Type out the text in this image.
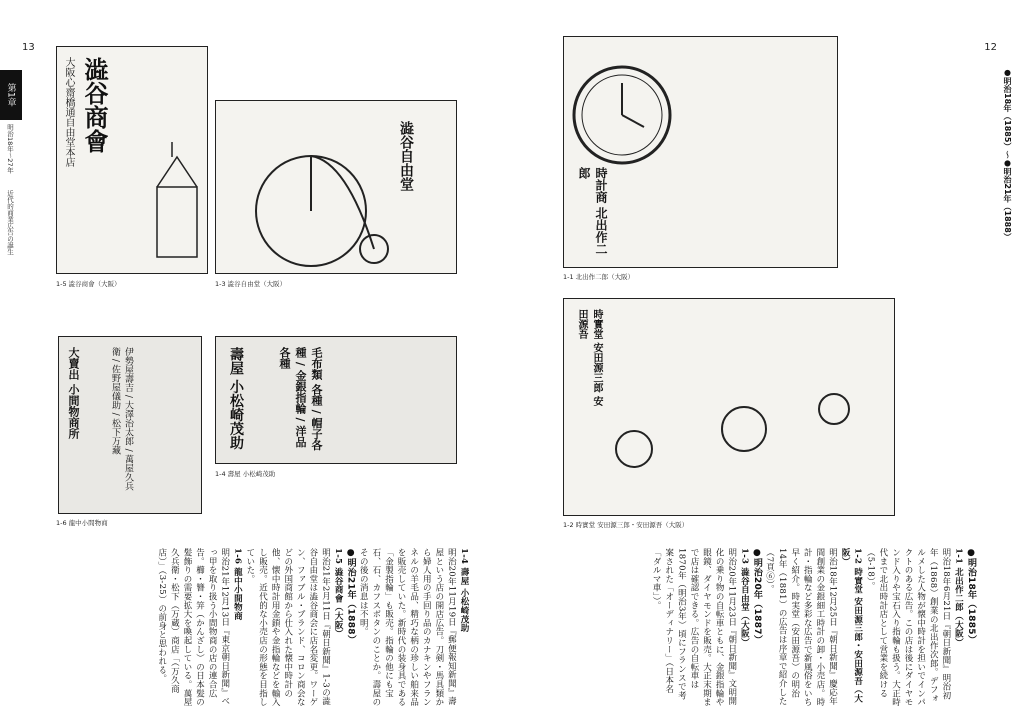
13	12
第1章
明治18年〜27年
近代的商業広告の誕生	●明治18年（1885）〜●明治21年（1888）
澁谷商會
大阪心齋橋通自由堂本店
1-5 澁谷商會（大阪）
澁谷自由堂
1-3 澁谷自由堂（大阪）
大賣出 小間物商所	伊勢屋壽吉 / 大澤治太郎 / 萬屋久兵衛 / 佐野屋儀助 / 松下万藏
1-6 龍中小間物商
壽屋 小松崎茂助	毛布類 各種 / 帽子各種 / 金銀指輪 / 洋品各種
1-4 壽屋 小松崎茂助
時計商 北出作二郎
1-1 北出作二郎（大阪）
時實堂 安田源三郎 安田源吾
1-2 時實堂 安田源三郎・安田源吾（大阪）

●明治18年（1885）

1-1 北出作二郎（大阪）

明治18年6月21日『朝日新聞』明治初年（1868）創業の北出作次郎。デフォルメした人物が懐中時計を担いでインパクトのある広告。この店は後にダイヤモンド入りや宝石入り指輪も扱う。大正時代まで北出時計店として営業を続ける（5-18）。

1-2 時實堂 安田源三郎・安田源吾（大阪）

明治18年12月25日『朝日新聞』慶応年間創業の金銀細工時計の卸・小売店。時計・指輪など多彩な広告で新風俗をいち早く紹介。時実堂（安田源吾）の明治14年（1881）の広告は序章で紹介した（7頁⑥）。

●明治20年（1887）

1-3 澁谷自由堂（大阪）

明治20年11月23日『朝日新聞』文明開化の乗り物の自転車ともに、金銀指輪や眼鏡、ダイヤモンドを販売。大正末期まで店は確認できる。広告の自転車は1870年（明治3年）頃にフランスで考案された「オーディナリー」（日本名「ダルマ車」）。

1-4 壽屋 小松崎茂助

明治20年11月19日『郵便報知新聞』壽屋という店の開店広告。刀剣・馬具類から婦人用の手回り品のカナキンやフランネルの羊毛品、精巧な柄の珍しい舶来品を販売していた。新時代の装身具である「金製指輪」も販売。指輪の他にも宝石、石、カフスボタンのことか。壽屋のその後の消息は不明。

●明治21年（1888）

1-5 澁谷商會（大阪）

明治21年2月11日『朝日新聞』1-3の澁谷自由堂は澁谷商会に店名変更。ワーゲン、ファブル・ブランド、コロン商会などの外国商館から仕入れた懐中時計の他、懐中時計用金鎖や金指輪などを輸入し販売。近代的な小売店の形態を目指していた。

1-6 龍中小間物商

明治21年12月13日『東京朝日新聞』べっ甲を取り扱う小間物商の店の連合広告。櫛・簪・笄（かんざし）の日本髪の髪飾りの需要拡大を喚起している。萬屋久兵衛・松下（万蔵）商店「（万久商店）」（3-25）の前身と思われる。
